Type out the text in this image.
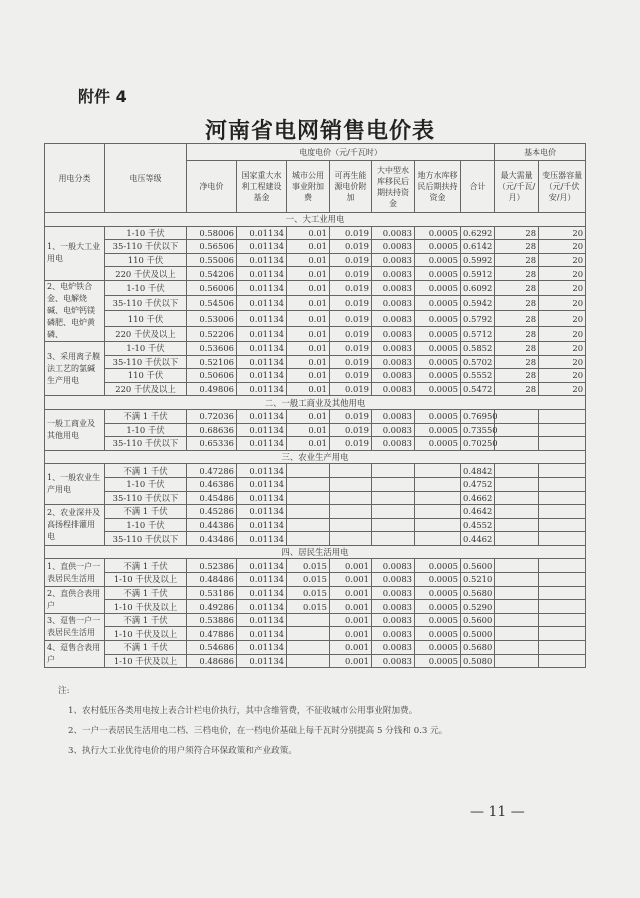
附件 4
河南省电网销售电价表
用电分类	电压等级	电度电价（元/千瓦时）							基本电价	
		净电价	国家重大水利工程建设基金	城市公用事业附加费	可再生能源电价附加	大中型水库移民后期扶持资金	地方水库移民后期扶持资金	合计	最大需量（元/千瓦/月）	变压器容量（元/千伏安/月）
一、大工业用电										
1、一般大工业用电	1-10 千伏	0.58006	0.01134	0.01	0.019	0.0083	0.0005	0.6292	28	20
	35-110 千伏以下	0.56506	0.01134	0.01	0.019	0.0083	0.0005	0.6142	28	20
	110 千伏	0.55006	0.01134	0.01	0.019	0.0083	0.0005	0.5992	28	20
	220 千伏及以上	0.54206	0.01134	0.01	0.019	0.0083	0.0005	0.5912	28	20
2、电炉铁合金、电解烧碱、电炉钙镁磷肥、电炉黄磷、	1-10 千伏	0.56006	0.01134	0.01	0.019	0.0083	0.0005	0.6092	28	20
	35-110 千伏以下	0.54506	0.01134	0.01	0.019	0.0083	0.0005	0.5942	28	20
	110 千伏	0.53006	0.01134	0.01	0.019	0.0083	0.0005	0.5792	28	20
	220 千伏及以上	0.52206	0.01134	0.01	0.019	0.0083	0.0005	0.5712	28	20
3、采用离子膜法工艺的氯碱生产用电	1-10 千伏	0.53606	0.01134	0.01	0.019	0.0083	0.0005	0.5852	28	20
	35-110 千伏以下	0.52106	0.01134	0.01	0.019	0.0083	0.0005	0.5702	28	20
	110 千伏	0.50606	0.01134	0.01	0.019	0.0083	0.0005	0.5552	28	20
	220 千伏及以上	0.49806	0.01134	0.01	0.019	0.0083	0.0005	0.5472	28	20
二、一般工商业及其他用电										
一般工商业及其他用电	不满 1 千伏	0.72036	0.01134	0.01	0.019	0.0083	0.0005	0.76950		
	1-10 千伏	0.68636	0.01134	0.01	0.019	0.0083	0.0005	0.73550		
	35-110 千伏以下	0.65336	0.01134	0.01	0.019	0.0083	0.0005	0.70250		
三、农业生产用电										
1、一般农业生产用电	不满 1 千伏	0.47286	0.01134					0.4842		
	1-10 千伏	0.46386	0.01134					0.4752		
	35-110 千伏以下	0.45486	0.01134					0.4662		
2、农业深井及高扬程排灌用电	不满 1 千伏	0.45286	0.01134					0.4642		
	1-10 千伏	0.44386	0.01134					0.4552		
	35-110 千伏以下	0.43486	0.01134					0.4462		
四、居民生活用电										
1、直供一户一表居民生活用	不满 1 千伏	0.52386	0.01134	0.015	0.001	0.0083	0.0005	0.5600		
	1-10 千伏及以上	0.48486	0.01134	0.015	0.001	0.0083	0.0005	0.5210		
2、直供合表用户	不满 1 千伏	0.53186	0.01134	0.015	0.001	0.0083	0.0005	0.5680		
	1-10 千伏及以上	0.49286	0.01134	0.015	0.001	0.0083	0.0005	0.5290		
3、趸售一户一表居民生活用	不满 1 千伏	0.53886	0.01134		0.001	0.0083	0.0005	0.5600		
	1-10 千伏及以上	0.47886	0.01134		0.001	0.0083	0.0005	0.5000		
4、趸售合表用户	不满 1 千伏	0.54686	0.01134		0.001	0.0083	0.0005	0.5680		
	1-10 千伏及以上	0.48686	0.01134		0.001	0.0083	0.0005	0.5080		
注:
1、农村低压各类用电按上表合计栏电价执行，其中含维管费，不征收城市公用事业附加费。
2、一户一表居民生活用电二档、三档电价，在一档电价基础上每千瓦时分别提高 5 分钱和 0.3 元。
3、执行大工业优待电价的用户须符合环保政策和产业政策。
— 11 —
